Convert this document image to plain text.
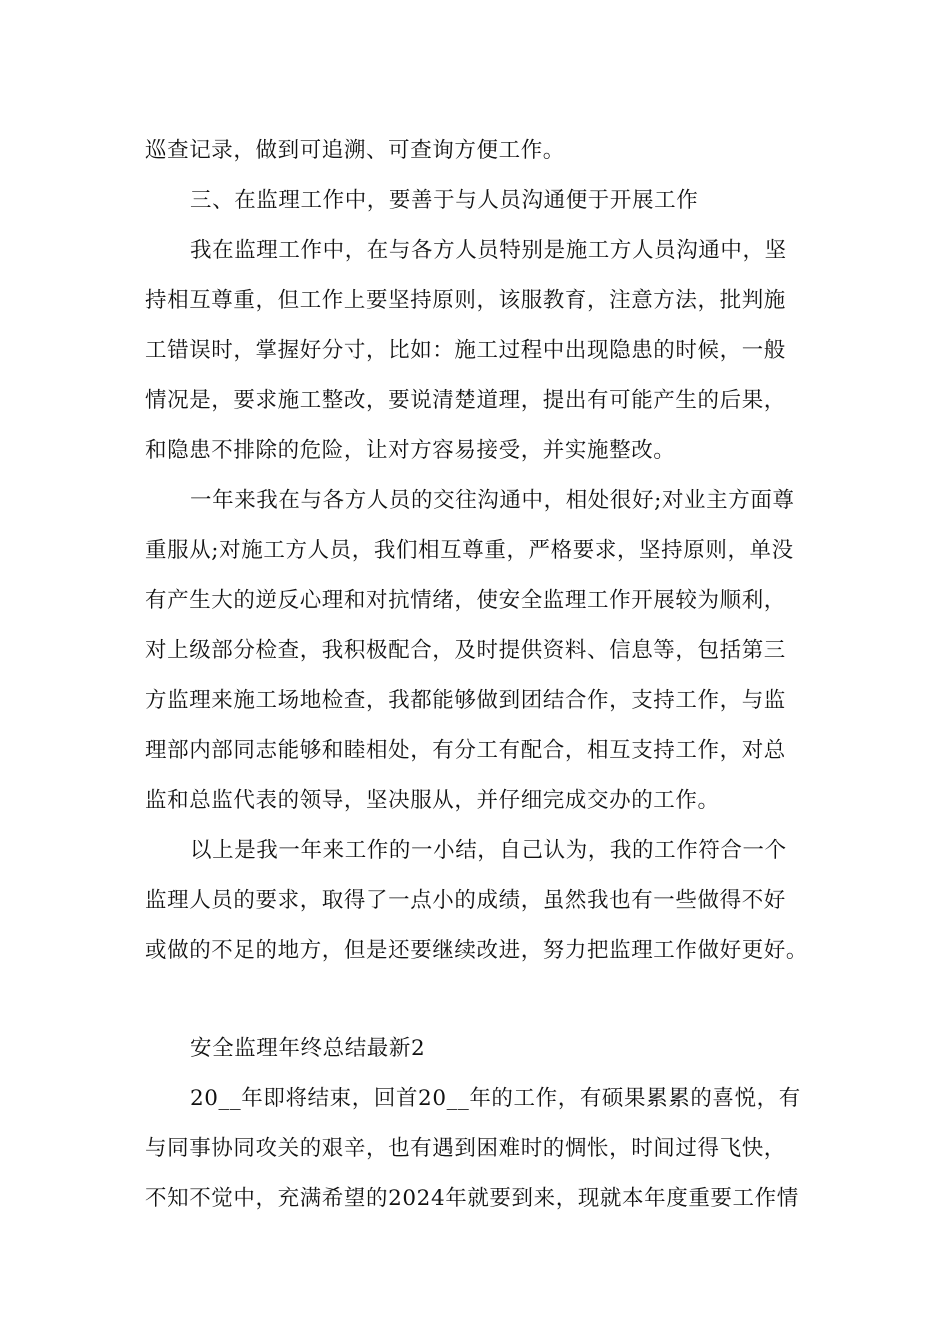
巡查记录，做到可追溯、可查询方便工作。
三、在监理工作中，要善于与人员沟通便于开展工作
我在监理工作中，在与各方人员特别是施工方人员沟通中，坚
持相互尊重，但工作上要坚持原则，该服教育，注意方法，批判施
工错误时，掌握好分寸，比如：施工过程中出现隐患的时候，一般
情况是，要求施工整改，要说清楚道理，提出有可能产生的后果，
和隐患不排除的危险，让对方容易接受，并实施整改。
一年来我在与各方人员的交往沟通中，相处很好;对业主方面尊
重服从;对施工方人员，我们相互尊重，严格要求，坚持原则，单没
有产生大的逆反心理和对抗情绪，使安全监理工作开展较为顺利，
对上级部分检查，我积极配合，及时提供资料、信息等，包括第三
方监理来施工场地检查，我都能够做到团结合作，支持工作，与监
理部内部同志能够和睦相处，有分工有配合，相互支持工作，对总
监和总监代表的领导，坚决服从，并仔细完成交办的工作。
以上是我一年来工作的一小结，自己认为，我的工作符合一个
监理人员的要求，取得了一点小的成绩，虽然我也有一些做得不好
或做的不足的地方，但是还要继续改进，努力把监理工作做好更好。
安全监理年终总结最新2
20__年即将结束，回首20__年的工作，有硕果累累的喜悦，有
与同事协同攻关的艰辛，也有遇到困难时的惆怅，时间过得飞快，
不知不觉中，充满希望的2024年就要到来，现就本年度重要工作情
